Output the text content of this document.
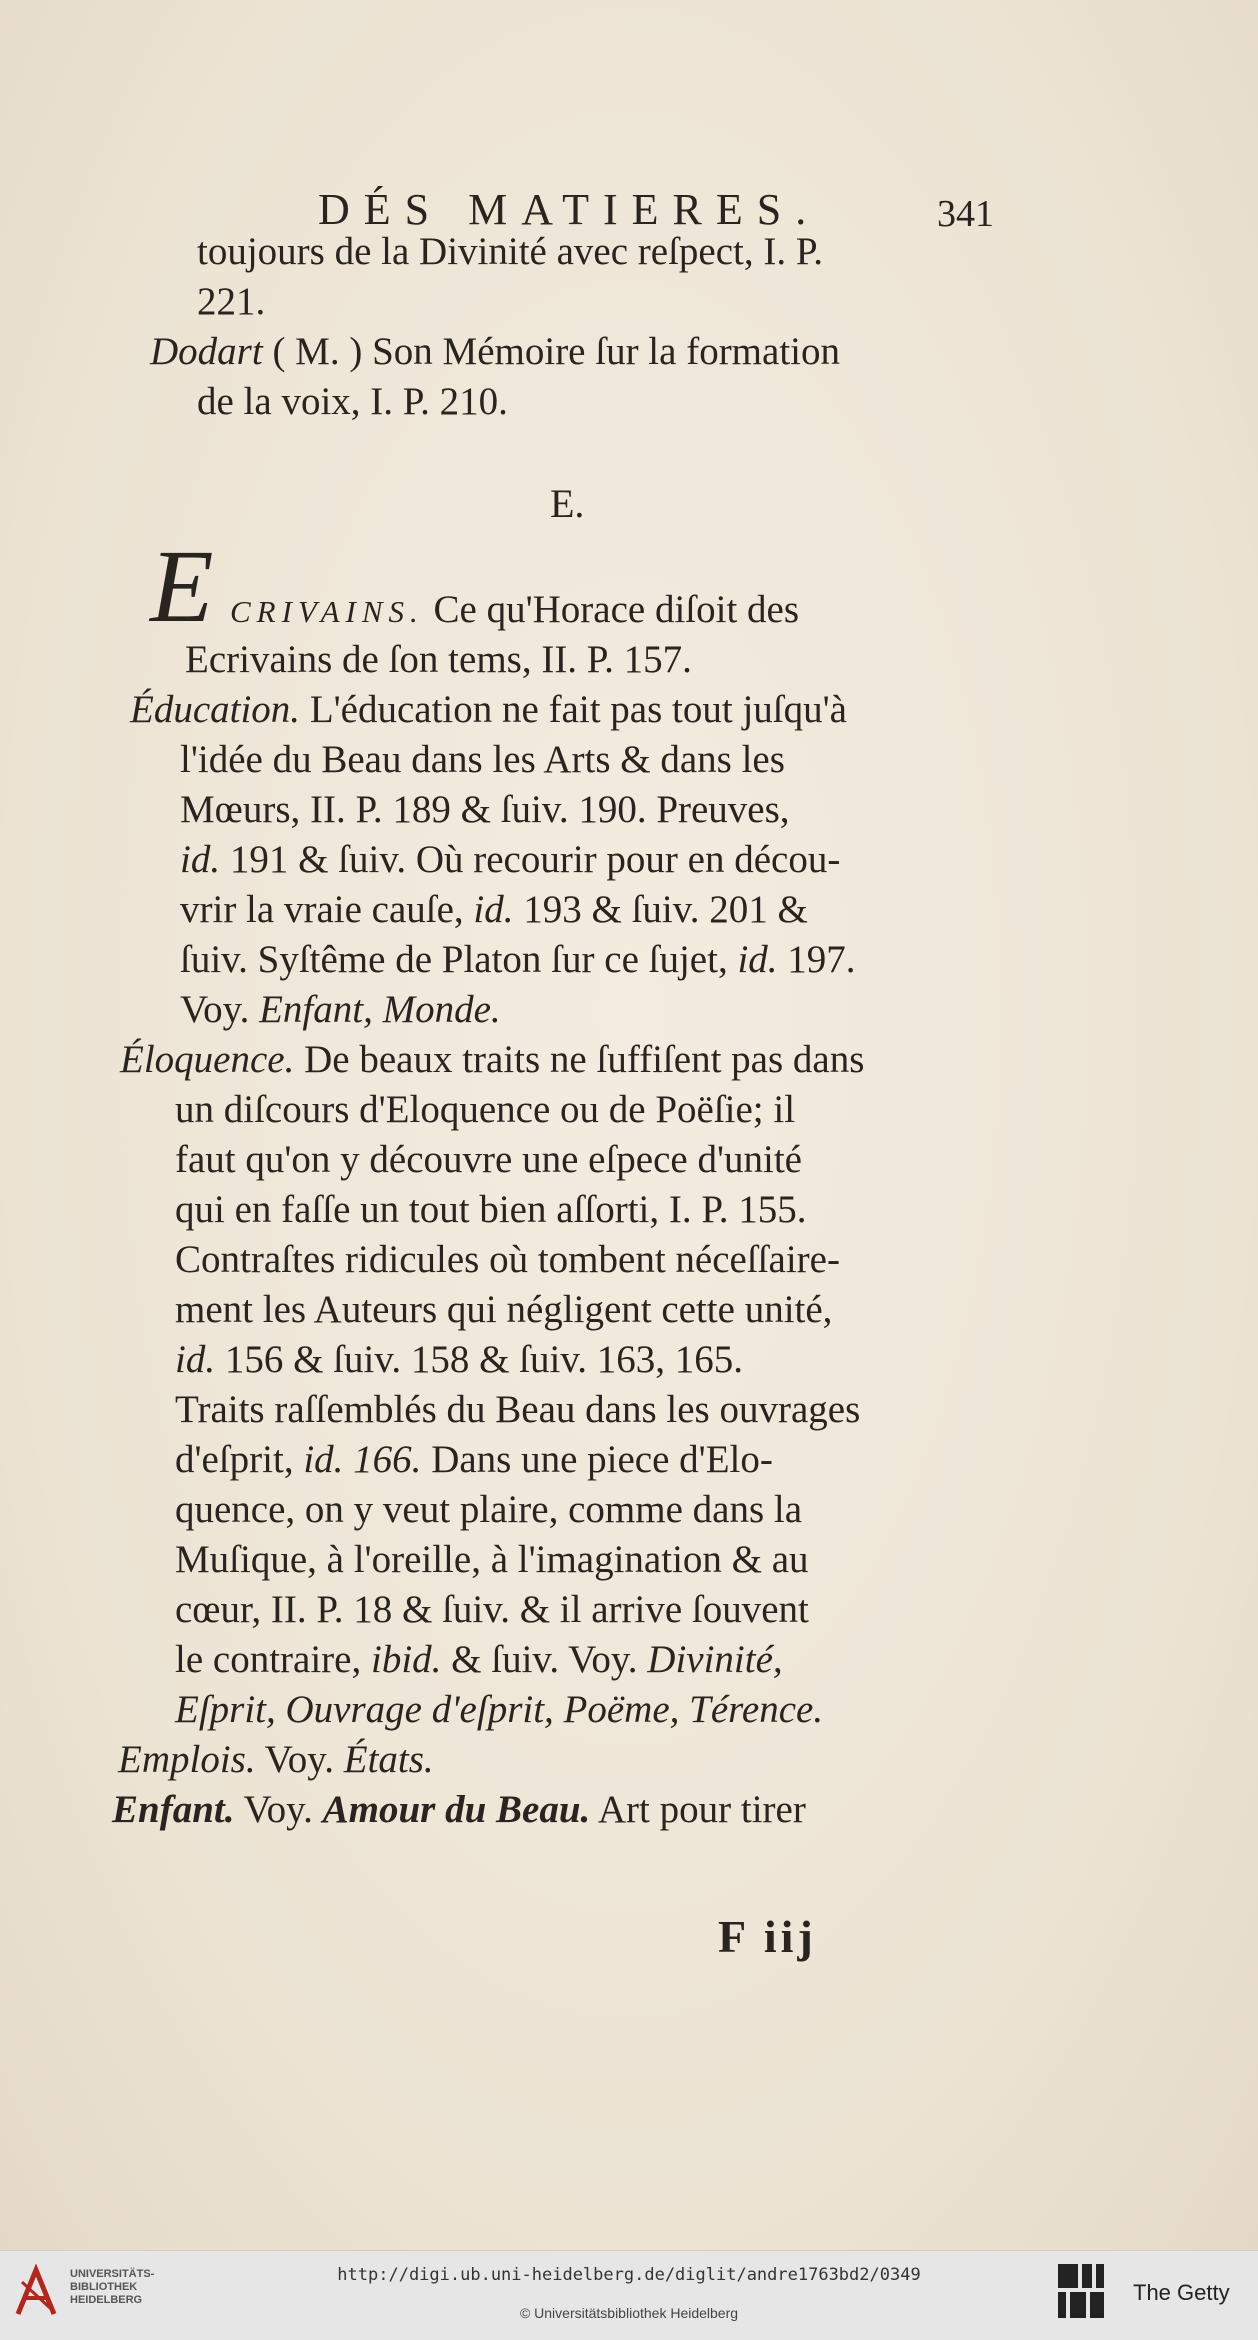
DÉS MATIERES.	341
toujours de la Divinité avec reſpect, I. P.
221.
Dodart ( M. ) Son Mémoire ſur la formation
de la voix, I. P. 210.
E.
E CRIVAINS. Ce qu'Horace diſoit des
Ecrivains de ſon tems, II. P. 157.
Éducation. L'éducation ne fait pas tout juſqu'à
l'idée du Beau dans les Arts & dans les
Mœurs, II. P. 189 & ſuiv. 190. Preuves,
id. 191 & ſuiv. Où recourir pour en décou-
vrir la vraie cauſe, id. 193 & ſuiv. 201 &
ſuiv. Syſtême de Platon ſur ce ſujet, id. 197.
Voy. Enfant, Monde.
Éloquence. De beaux traits ne ſuffiſent pas dans
un diſcours d'Eloquence ou de Poëſie; il
faut qu'on y découvre une eſpece d'unité
qui en faſſe un tout bien aſſorti, I. P. 155.
Contraſtes ridicules où tombent néceſſaire-
ment les Auteurs qui négligent cette unité,
id. 156 & ſuiv. 158 & ſuiv. 163, 165.
Traits raſſemblés du Beau dans les ouvrages
d'eſprit, id. 166. Dans une piece d'Elo-
quence, on y veut plaire, comme dans la
Muſique, à l'oreille, à l'imagination & au
cœur, II. P. 18 & ſuiv. & il arrive ſouvent
le contraire, ibid. & ſuiv. Voy. Divinité,
Eſprit, Ouvrage d'eſprit, Poëme, Térence.
Emplois. Voy. États.
Enfant. Voy. Amour du Beau. Art pour tirer
F iij
UNIVERSITÄTS-
BIBLIOTHEK
HEIDELBERG
http://digi.ub.uni-heidelberg.de/diglit/andre1763bd2/0349
© Universitätsbibliothek Heidelberg
The Getty
